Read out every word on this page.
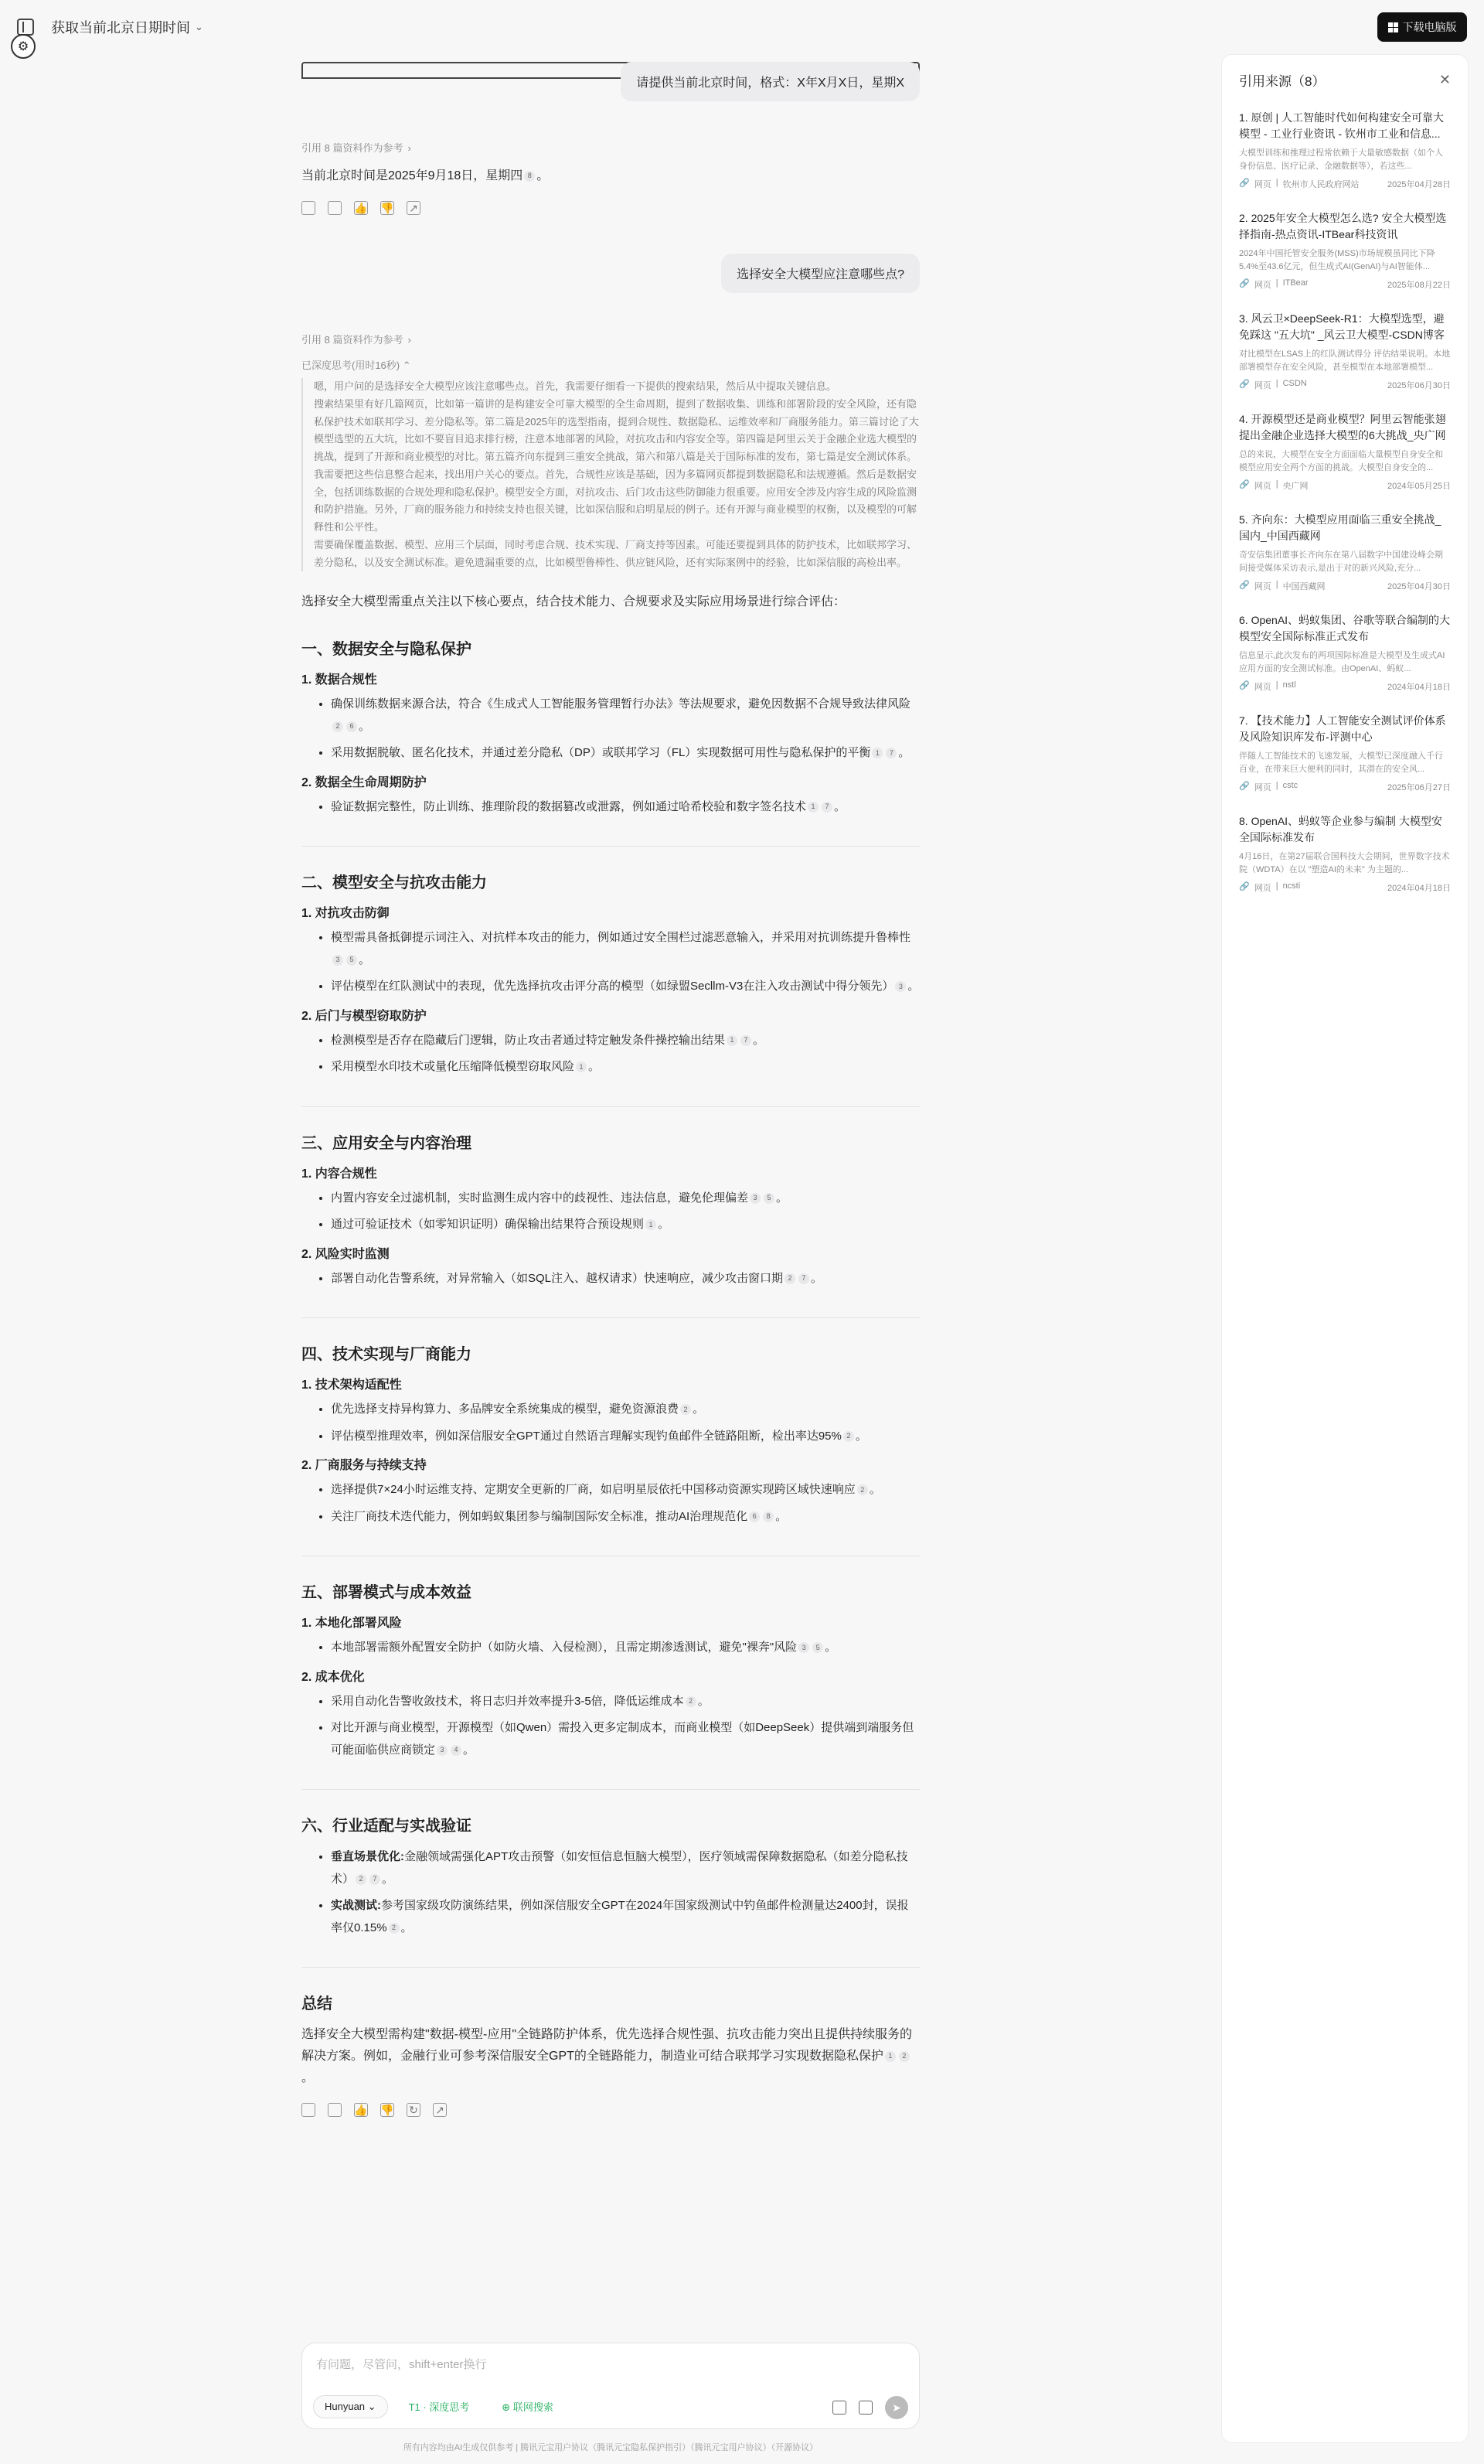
获取当前北京日期时间 ⌄
⚙
下载电脑版
请提供当前北京时间，格式：X年X月X日，星期X
引用 8 篇资料作为参考 ›
当前北京时间是2025年9月18日，星期四 8 。
👍 👎 ↗
选择安全大模型应注意哪些点?
引用 8 篇资料作为参考 ›
已深度思考(用时16秒) ⌃

嗯，用户问的是选择安全大模型应该注意哪些点。首先，我需要仔细看一下提供的搜索结果，然后从中提取关键信息。

搜索结果里有好几篇网页，比如第一篇讲的是构建安全可靠大模型的全生命周期，提到了数据收集、训练和部署阶段的安全风险，还有隐私保护技术如联邦学习、差分隐私等。第二篇是2025年的选型指南，提到合规性、数据隐私、运维效率和厂商服务能力。第三篇讨论了大模型选型的五大坑，比如不要盲目追求排行榜，注意本地部署的风险，对抗攻击和内容安全等。第四篇是阿里云关于金融企业选大模型的挑战，提到了开源和商业模型的对比。第五篇齐向东提到三重安全挑战，第六和第八篇是关于国际标准的发布，第七篇是安全测试体系。

我需要把这些信息整合起来，找出用户关心的要点。首先，合规性应该是基础，因为多篇网页都提到数据隐私和法规遵循。然后是数据安全，包括训练数据的合规处理和隐私保护。模型安全方面，对抗攻击、后门攻击这些防御能力很重要。应用安全涉及内容生成的风险监测和防护措施。另外，厂商的服务能力和持续支持也很关键，比如深信服和启明星辰的例子。还有开源与商业模型的权衡，以及模型的可解释性和公平性。

需要确保覆盖数据、模型、应用三个层面，同时考虑合规、技术实现、厂商支持等因素。可能还要提到具体的防护技术，比如联邦学习、差分隐私，以及安全测试标准。避免遗漏重要的点，比如模型鲁棒性、供应链风险，还有实际案例中的经验，比如深信服的高检出率。

选择安全大模型需重点关注以下核心要点，结合技术能力、合规要求及实际应用场景进行综合评估：
一、数据安全与隐私保护
1. 数据合规性
• 确保训练数据来源合法，符合《生成式人工智能服务管理暂行办法》等法规要求，避免因数据不合规导致法律风险2 6 。
• 采用数据脱敏、匿名化技术，并通过差分隐私（DP）或联邦学习（FL）实现数据可用性与隐私保护的平衡 1 7 。
2. 数据全生命周期防护
• 验证数据完整性，防止训练、推理阶段的数据篡改或泄露，例如通过哈希校验和数字签名技术 1 7 。
二、模型安全与抗攻击能力
1. 对抗攻击防御
• 模型需具备抵御提示词注入、对抗样本攻击的能力，例如通过安全围栏过滤恶意输入，并采用对抗训练提升鲁棒性3 5 。
• 评估模型在红队测试中的表现，优先选择抗攻击评分高的模型（如绿盟Secllm-V3在注入攻击测试中得分领先） 3 。
2. 后门与模型窃取防护
• 检测模型是否存在隐藏后门逻辑，防止攻击者通过特定触发条件操控输出结果 1 7 。
• 采用模型水印技术或量化压缩降低模型窃取风险 1 。
三、应用安全与内容治理
1. 内容合规性
• 内置内容安全过滤机制，实时监测生成内容中的歧视性、违法信息，避免伦理偏差 3 5 。
• 通过可验证技术（如零知识证明）确保输出结果符合预设规则 1 。
2. 风险实时监测
• 部署自动化告警系统，对异常输入（如SQL注入、越权请求）快速响应，减少攻击窗口期 2 7 。
四、技术实现与厂商能力
1. 技术架构适配性
• 优先选择支持异构算力、多品牌安全系统集成的模型，避免资源浪费 2 。
• 评估模型推理效率，例如深信服安全GPT通过自然语言理解实现钓鱼邮件全链路阻断，检出率达95% 2 。
2. 厂商服务与持续支持
• 选择提供7×24小时运维支持、定期安全更新的厂商，如启明星辰依托中国移动资源实现跨区域快速响应 2 。
• 关注厂商技术迭代能力，例如蚂蚁集团参与编制国际安全标准，推动AI治理规范化 6 8 。
五、部署模式与成本效益
1. 本地化部署风险
• 本地部署需额外配置安全防护（如防火墙、入侵检测），且需定期渗透测试，避免"裸奔"风险 3 5 。
2. 成本优化
• 采用自动化告警收敛技术，将日志归并效率提升3-5倍，降低运维成本 2 。
• 对比开源与商业模型，开源模型（如Qwen）需投入更多定制成本，而商业模型（如DeepSeek）提供端到端服务但可能面临供应商锁定 3 4 。
六、行业适配与实战验证
• 垂直场景优化:金融领域需强化APT攻击预警（如安恒信息恒脑大模型），医疗领域需保障数据隐私（如差分隐私技术） 2 7 。
• 实战测试:参考国家级攻防演练结果，例如深信服安全GPT在2024年国家级测试中钓鱼邮件检测量达2400封，误报率仅0.15% 2 。
总结
选择安全大模型需构建"数据-模型-应用"全链路防护体系，优先选择合规性强、抗攻击能力突出且提供持续服务的解决方案。例如，金融行业可参考深信服安全GPT的全链路能力，制造业可结合联邦学习实现数据隐私保护 1 2。
👍 👎 ↻ ↗
引用来源（8）	✕
1. 原创 | 人工智能时代如何构建安全可靠大模型 - 工业行业资讯 - 钦州市工业和信息...
大模型训练和推理过程常依赖于大量敏感数据（如个人身份信息、医疗记录、金融数据等），若这些...
🔗 网页 | 钦州市人民政府网站	2025年04月28日
2. 2025年安全大模型怎么选? 安全大模型选择指南-热点资讯-ITBear科技资讯
2024年中国托管安全服务(MSS)市场规模虽同比下降5.4%至43.6亿元，但生成式AI(GenAI)与AI智能体...
🔗 网页 | ITBear	2025年08月22日
3. 风云卫×DeepSeek-R1：大模型选型，避免踩这 "五大坑" _风云卫大模型-CSDN博客
对比模型在LSAS上的红队测试得分 评估结果说明。本地部署模型存在安全风险，甚至模型在本地部署模型...
🔗 网页 | CSDN	2025年06月30日
4. 开源模型还是商业模型？阿里云智能张翅提出金融企业选择大模型的6大挑战_央广网
总的来说，大模型在安全方面面临大量模型自身安全和模型应用安全两个方面的挑战。大模型自身安全的...
🔗 网页 | 央广网	2024年05月25日
5. 齐向东：大模型应用面临三重安全挑战_国内_中国西藏网
奇安信集团董事长齐向东在第八届数字中国建设峰会期间接受媒体采访表示,是出于对的新兴风险,充分...
🔗 网页 | 中国西藏网	2025年04月30日
6. OpenAI、蚂蚁集团、谷歌等联合编制的大模型安全国际标准正式发布
信息显示,此次发布的两项国际标准是大模型及生成式AI应用方面的安全测试标准。由OpenAI、蚂蚁...
🔗 网页 | nstl	2024年04月18日
7. 【技术能力】人工智能安全测试评价体系及风险知识库发布-评测中心
伴随人工智能技术的飞速发展，大模型已深度融入千行百业，在带来巨大便利的同时，其潜在的安全风...
🔗 网页 | cstc	2025年06月27日
8. OpenAI、蚂蚁等企业参与编制 大模型安全国际标准发布
4月16日，在第27届联合国科技大会期间，世界数字技术院（WDTA）在以 "塑造AI的未来" 为主题的...
🔗 网页 | ncsti	2024年04月18日
有问题，尽管问，shift+enter换行
Hunyuan ⌄	T1 · 深度思考	⊕ 联网搜索	➤
所有内容均由AI生成仅供参考 | 腾讯元宝用户协议（腾讯元宝隐私保护指引）（腾讯元宝用户协议）（开源协议）
